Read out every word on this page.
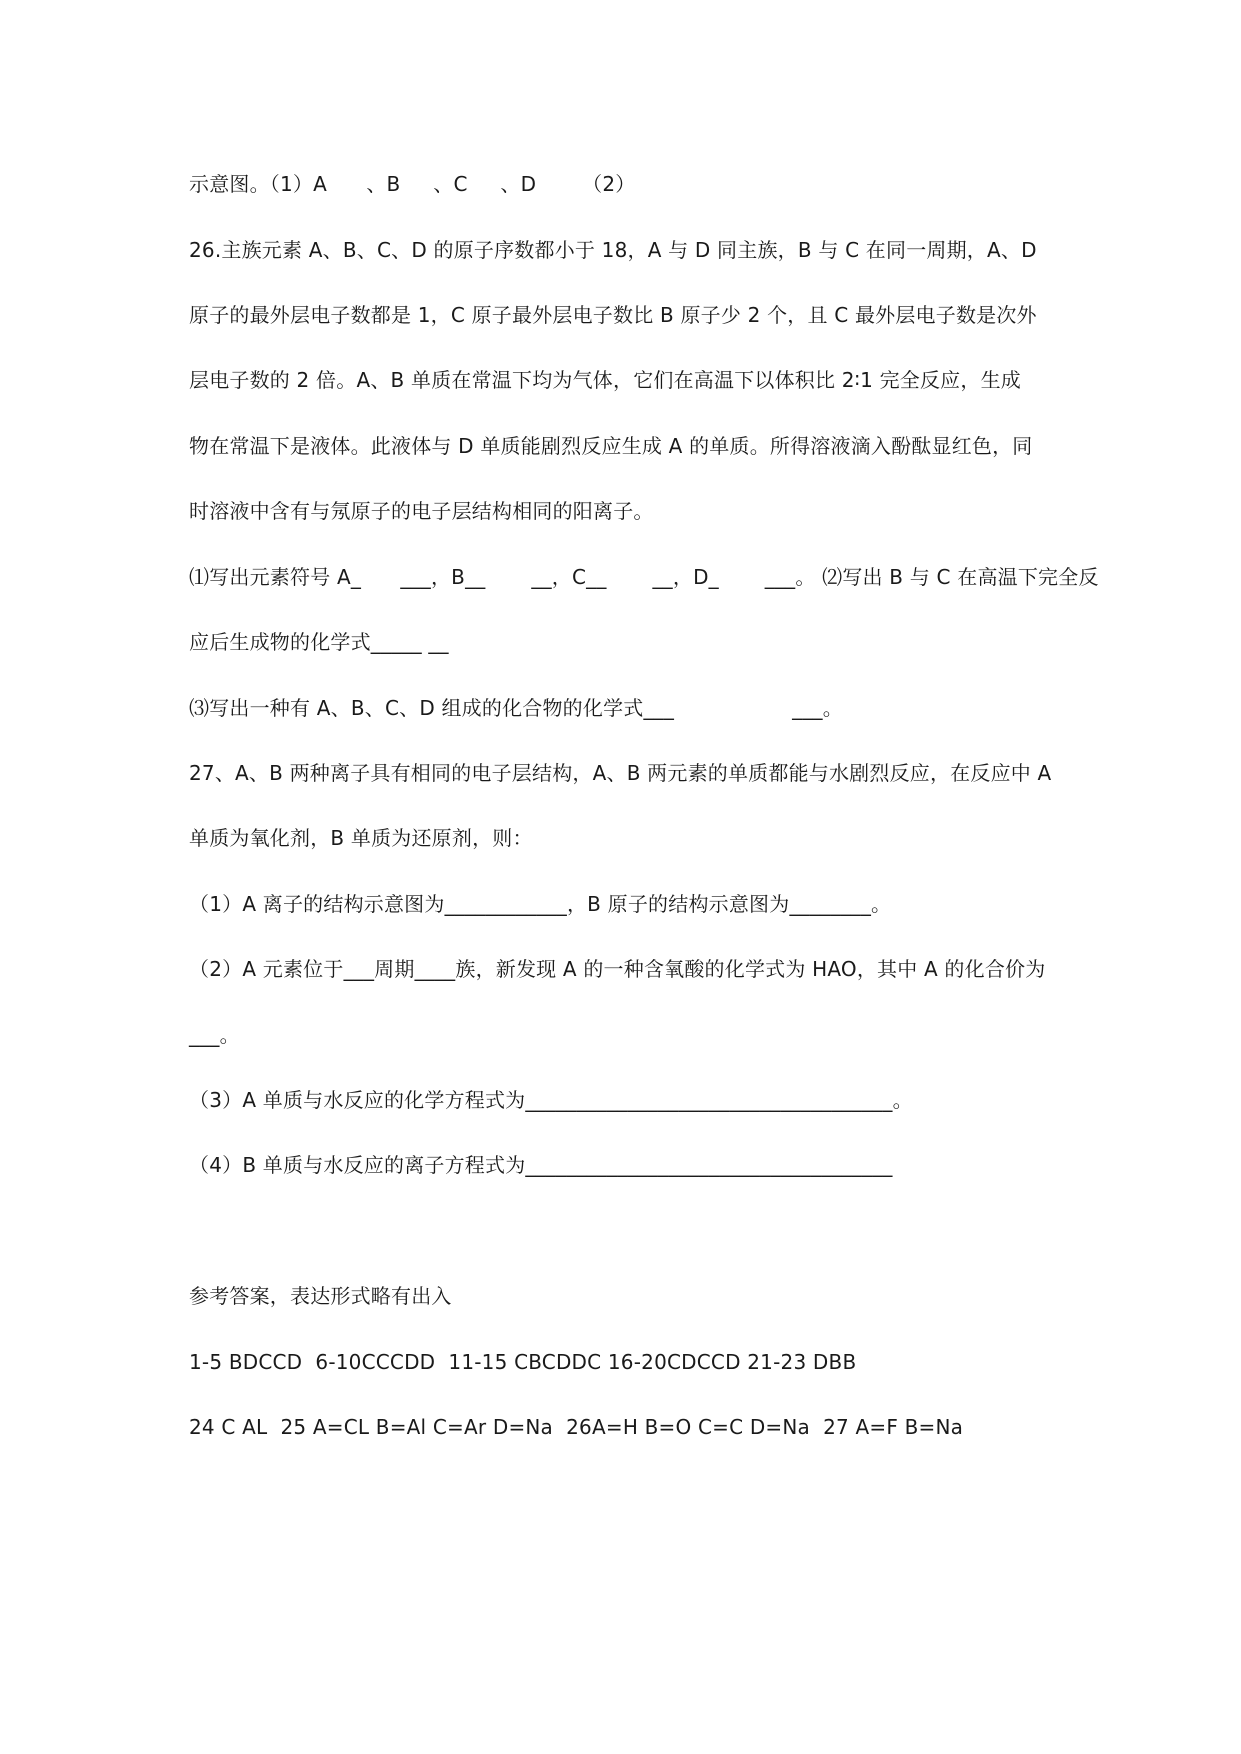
示意图。（1）A      、B     、C     、D       （2）
26.主族元素 A、B、C、D 的原子序数都小于 18，A 与 D 同主族，B 与 C 在同一周期，A、D
原子的最外层电子数都是 1，C 原子最外层电子数比 B 原子少 2 个，且 C 最外层电子数是次外
层电子数的 2 倍。A、B 单质在常温下均为气体，它们在高温下以体积比 2∶1 完全反应，生成
物在常温下是液体。此液体与 D 单质能剧烈反应生成 A 的单质。所得溶液滴入酚酞显红色，同
时溶液中含有与氖原子的电子层结构相同的阳离子。
⑴写出元素符号 A_      ___，B__       __，C__       __，D_       ___。 ⑵写出 B 与 C 在高温下完全反
应后生成物的化学式_____ __
⑶写出一种有 A、B、C、D 组成的化合物的化学式___                  ___。
27、A、B 两种离子具有相同的电子层结构，A、B 两元素的单质都能与水剧烈反应，在反应中 A
单质为氧化剂，B 单质为还原剂，则：
（1）A 离子的结构示意图为____________，B 原子的结构示意图为________。
（2）A 元素位于___周期____族，新发现 A 的一种含氧酸的化学式为 HAO，其中 A 的化合价为
___。
（3）A 单质与水反应的化学方程式为____________________________________。
（4）B 单质与水反应的离子方程式为____________________________________
参考答案，表达形式略有出入
1-5 BDCCD  6-10CCCDD  11-15 CBCDDC 16-20CDCCD 21-23 DBB
24 C AL  25 A=CL B=Al C=Ar D=Na  26A=H B=O C=C D=Na  27 A=F B=Na
